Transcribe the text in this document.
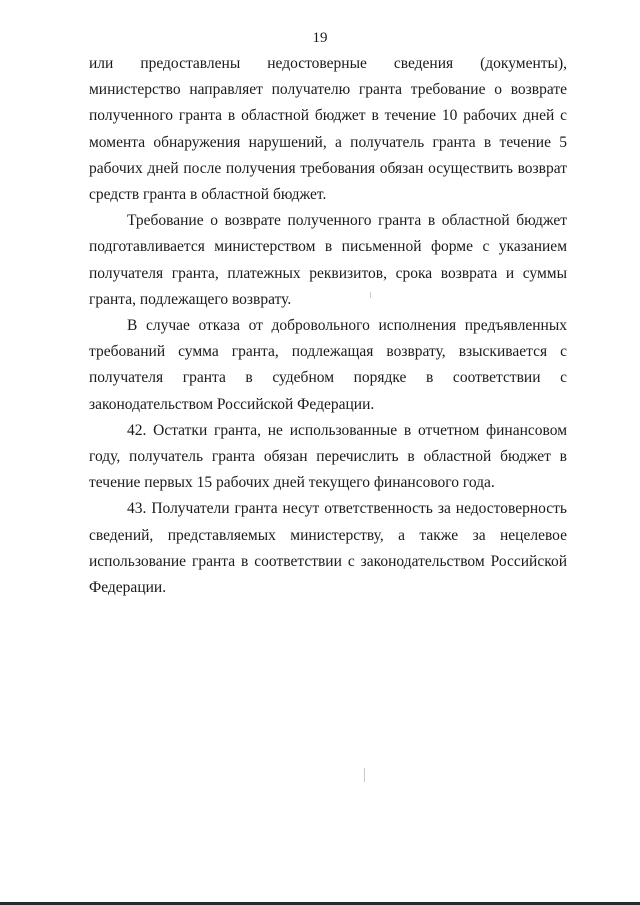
19

или предоставлены недостоверные сведения (документы), министерство направляет получателю гранта требование о возврате полученного гранта в областной бюджет в течение 10 рабочих дней с момента обнаружения нарушений, а получатель гранта в течение 5 рабочих дней после получения требования обязан осуществить возврат средств гранта в областной бюджет.

Требование о возврате полученного гранта в областной бюджет подготавливается министерством в письменной форме с указанием получателя гранта, платежных реквизитов, срока возврата и суммы гранта, подлежащего возврату.

В случае отказа от добровольного исполнения предъявленных требований сумма гранта, подлежащая возврату, взыскивается с получателя гранта в судебном порядке в соответствии с законодательством Российской Федерации.

42. Остатки гранта, не использованные в отчетном финансовом году, получатель гранта обязан перечислить в областной бюджет в течение первых 15 рабочих дней текущего финансового года.

43. Получатели гранта несут ответственность за недостоверность сведений, представляемых министерству, а также за нецелевое использование гранта в соответствии с законодательством Российской Федерации.
